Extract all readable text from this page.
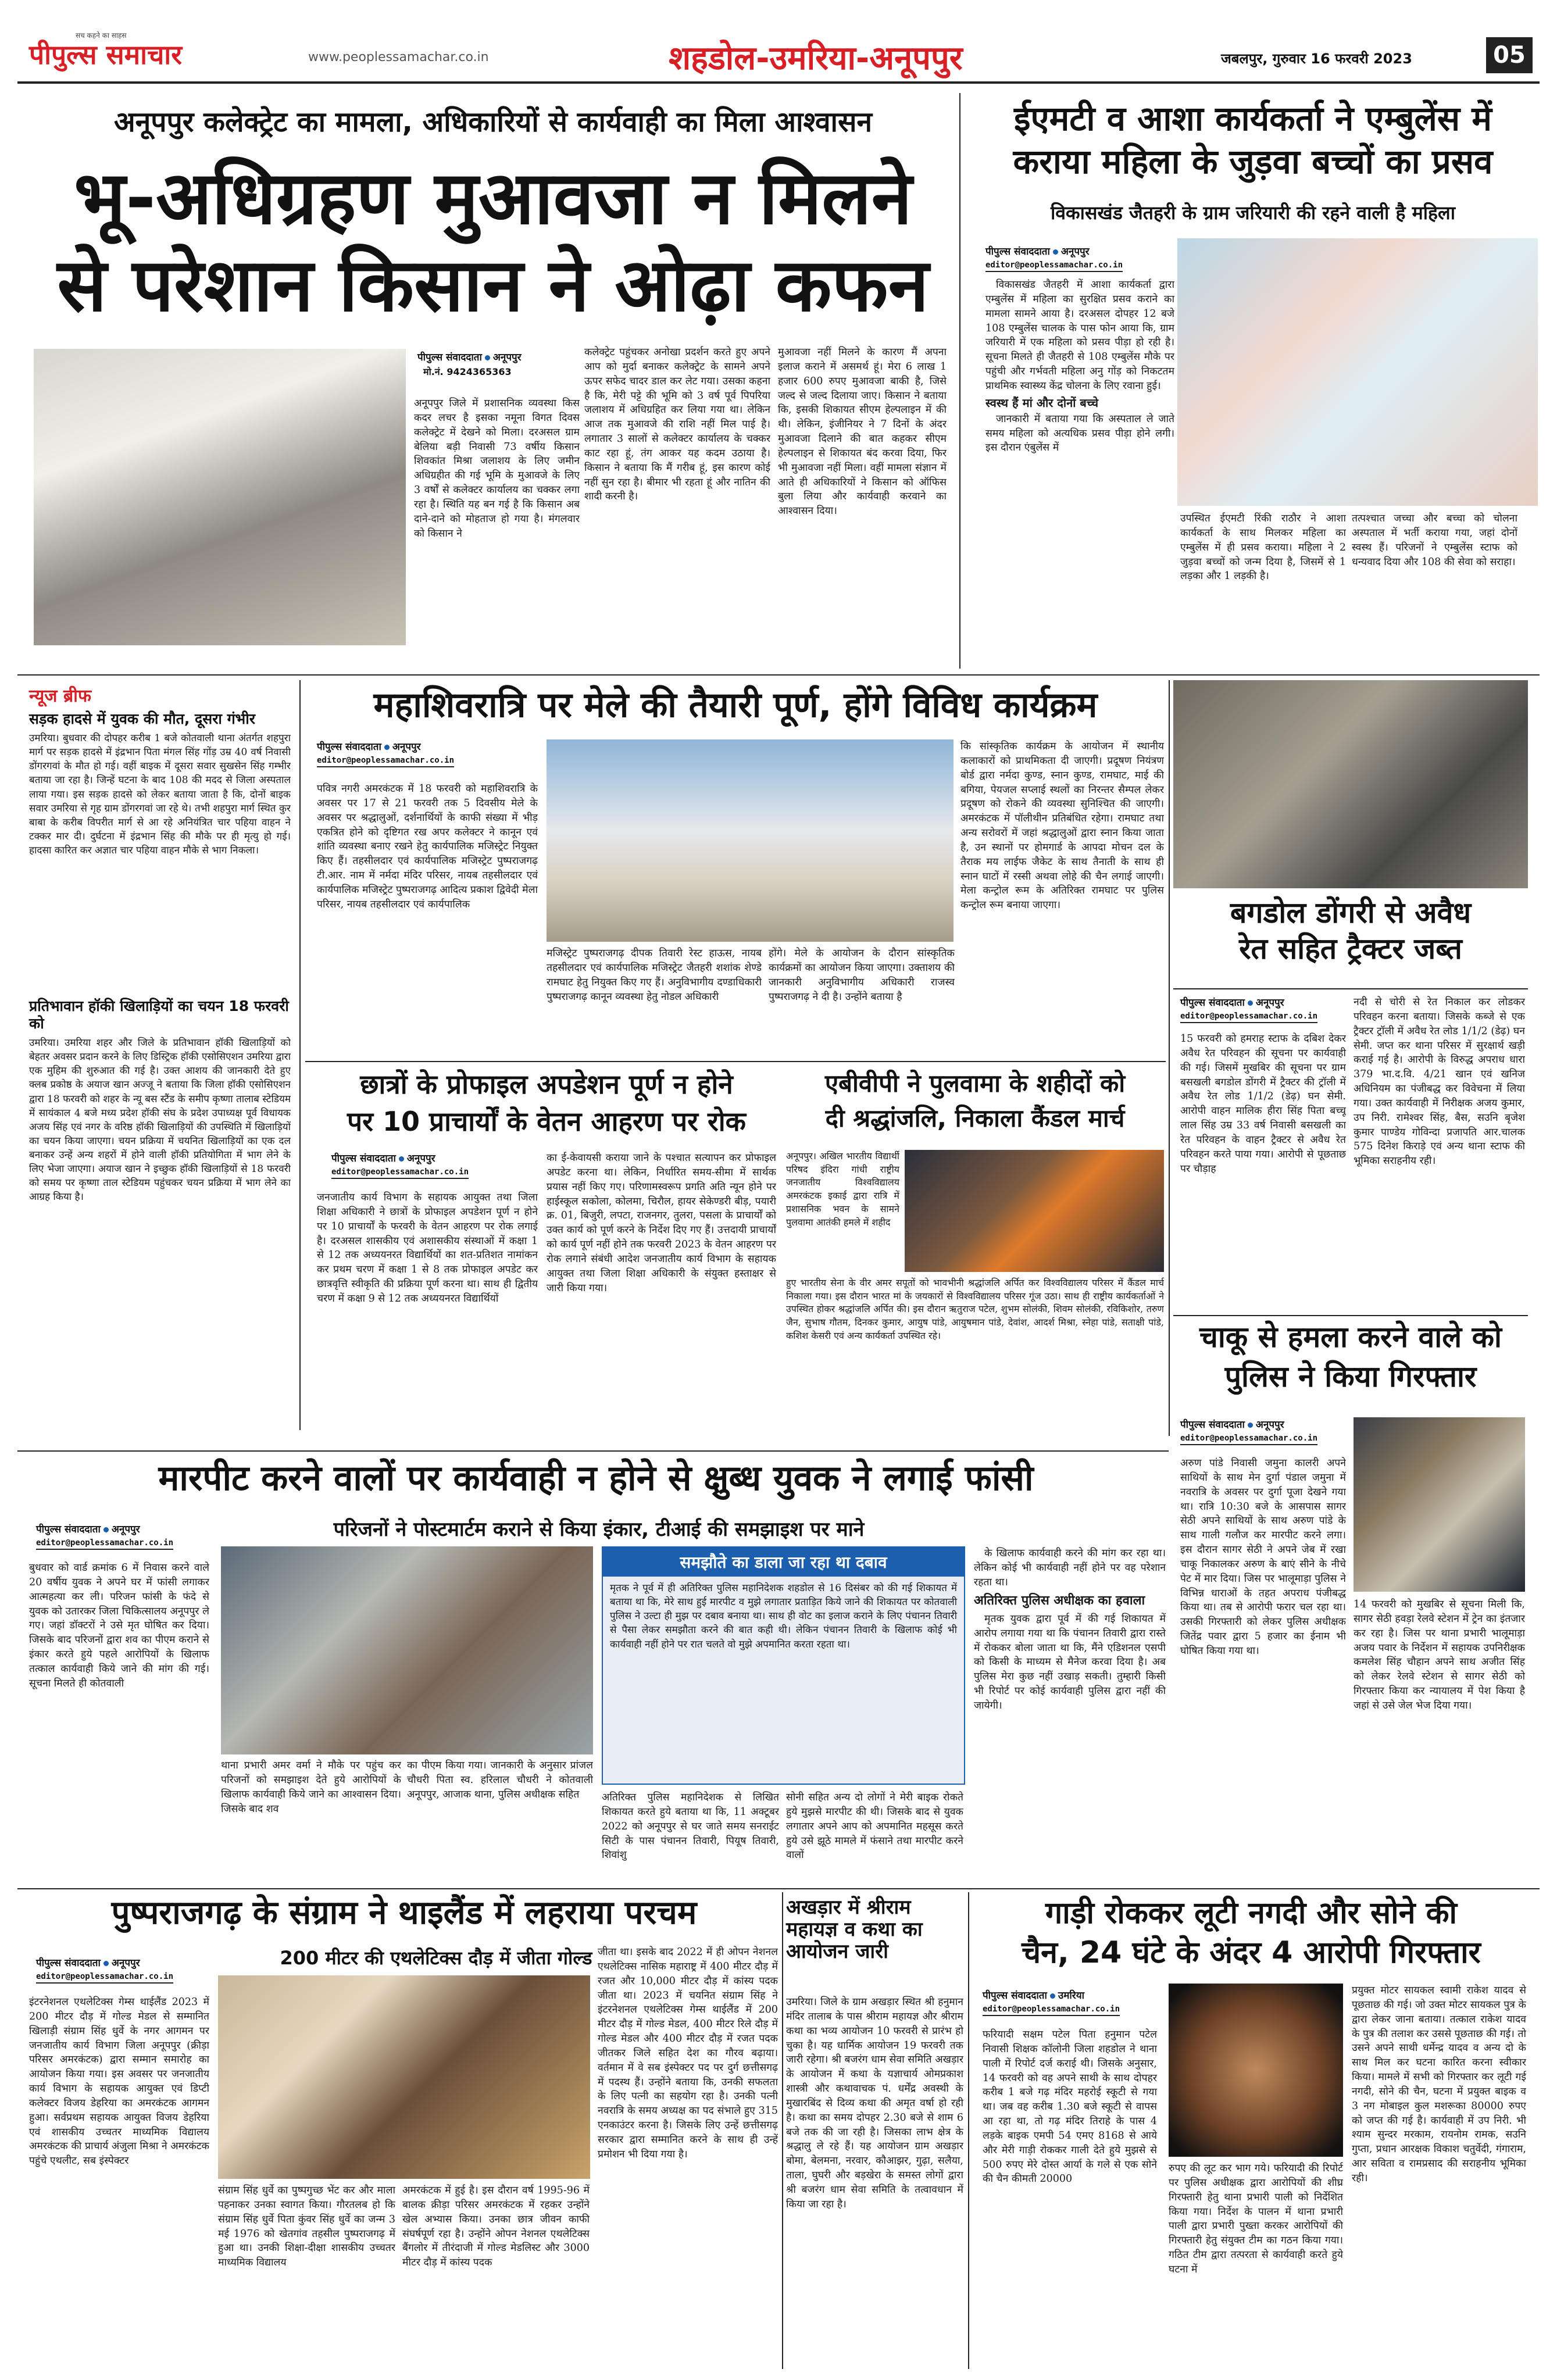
पीपुल्स समाचार
सच कहने का साहस
www.peoplessamachar.co.in	शहडोल-उमरिया-अनूपपुर	जबलपुर, गुरुवार 16 फरवरी 2023	05
अनूपपुर कलेक्ट्रेट का मामला, अधिकारियों से कार्यवाही का मिला आश्वासन
भू-अधिग्रहण मुआवजा न मिलने
से परेशान किसान ने ओढ़ा कफन
पीपुल्स संवाददाता अनूपपुर
मो.नं. 9424365363
अनूपपुर जिले में प्रशासनिक व्यवस्था किस कदर लचर है इसका नमूना विगत दिवस कलेक्ट्रेट में देखने को मिला। दरअसल ग्राम बेलिया बड़ी निवासी 73 वर्षीय किसान शिवकांत मिश्रा जलाशय के लिए जमीन अधिग्रहीत की गई भूमि के मुआवजे के लिए 3 वर्षों से कलेक्टर कार्यालय का चक्कर लगा रहा है। स्थिति यह बन गई है कि किसान अब दाने-दाने को मोहताज हो गया है। मंगलवार को किसान ने
कलेक्ट्रेट पहुंचकर अनोखा प्रदर्शन करते हुए अपने आप को मुर्दा बनाकर कलेक्ट्रेट के सामने अपने ऊपर सफेद चादर डाल कर लेट गया। उसका कहना है कि, मेरी पट्टे की भूमि को 3 वर्ष पूर्व पिपरिया जलाशय में अधिग्रहित कर लिया गया था। लेकिन आज तक मुआवजे की राशि नहीं मिल पाई है। लगातार 3 सालों से कलेक्टर कार्यालय के चक्कर काट रहा हूं, तंग आकर यह कदम उठाया है। किसान ने बताया कि मैं गरीब हूं, इस कारण कोई नहीं सुन रहा है। बीमार भी रहता हूं और नातिन की शादी करनी है।
मुआवजा नहीं मिलने के कारण मैं अपना इलाज कराने में असमर्थ हूं। मेरा 6 लाख 1 हजार 600 रुपए मुआवजा बाकी है, जिसे जल्द से जल्द दिलाया जाए। किसान ने बताया कि, इसकी शिकायत सीएम हेल्पलाइन में की थी। लेकिन, इंजीनियर ने 7 दिनों के अंदर मुआवजा दिलाने की बात कहकर सीएम हेल्पलाइन से शिकायत बंद करवा दिया, फिर भी मुआवजा नहीं मिला। वहीं मामला संज्ञान में आते ही अधिकारियों ने किसान को ऑफिस बुला लिया और कार्यवाही करवाने का आश्वासन दिया।
ईएमटी व आशा कार्यकर्ता ने एम्बुलेंस में
कराया महिला के जुड़वा बच्चों का प्रसव
विकासखंड जैतहरी के ग्राम जरियारी की रहने वाली है महिला
पीपुल्स संवाददाता अनूपपुर
editor@peoplessamachar.co.in

विकासखंड जैतहरी में आशा कार्यकर्ता द्वारा एम्बुलेंस में महिला का सुरक्षित प्रसव कराने का मामला सामने आया है। दरअसल दोपहर 12 बजे 108 एम्बुलेंस चालक के पास फोन आया कि, ग्राम जरियारी में एक महिला को प्रसव पीड़ा हो रही है। सूचना मिलते ही जैतहरी से 108 एम्बुलेंस मौके पर पहुंची और गर्भवती महिला अनु गोंड़ को निकटतम प्राथमिक स्वास्थ्य केंद्र चोलना के लिए रवाना हुई।

स्वस्थ हैं मां और दोनों बच्चे

जानकारी में बताया गया कि अस्पताल ले जाते समय महिला को अत्यधिक प्रसव पीड़ा होने लगी। इस दौरान एंबुलेंस में

उपस्थित ईएमटी रिंकी राठौर ने आशा कार्यकर्ता के साथ मिलकर महिला का एम्बुलेंस में ही प्रसव कराया। महिला ने 2 जुड़वा बच्चों को जन्म दिया है, जिसमें से 1 लड़का और 1 लड़की है।
तत्पश्चात जच्चा और बच्चा को चोलना अस्पताल में भर्ती कराया गया, जहां दोनों स्वस्थ हैं। परिजनों ने एम्बुलेंस स्टाफ को धन्यवाद दिया और 108 की सेवा को सराहा।
न्यूज ब्रीफ
सड़क हादसे में युवक की मौत, दूसरा गंभीर
उमरिया। बुधवार की दोपहर करीब 1 बजे कोतवाली थाना अंतर्गत शहपुरा मार्ग पर सड़क हादसे में इंद्रभान पिता मंगल सिंह गोंड़ उम्र 40 वर्ष निवासी डोंगरगवां के मौत हो गई। वहीं बाइक में दूसरा सवार सुखसेन सिंह गम्भीर बताया जा रहा है। जिन्हें घटना के बाद 108 की मदद से जिला अस्पताल लाया गया। इस सड़क हादसे को लेकर बताया जाता है कि, दोनों बाइक सवार उमरिया से गृह ग्राम डोंगरगवां जा रहे थे। तभी शहपुरा मार्ग स्थित कुर बाबा के करीब विपरीत मार्ग से आ रहे अनियंत्रित चार पहिया वाहन ने टक्कर मार दी। दुर्घटना में इंद्रभान सिंह की मौके पर ही मृत्यु हो गई। हादसा कारित कर अज्ञात चार पहिया वाहन मौके से भाग निकला।
प्रतिभावान हॉकी खिलाड़ियों का चयन 18 फरवरी को
उमरिया। उमरिया शहर और जिले के प्रतिभावान हॉकी खिलाड़ियों को बेहतर अवसर प्रदान करने के लिए डिस्ट्रिक हॉकी एसोसिएशन उमरिया द्वारा एक मुहिम की शुरुआत की गई है। उक्त आशय की जानकारी देते हुए क्लब प्रकोष्ठ के अयाज खान अज्जू ने बताया कि जिला हॉकी एसोसिएशन द्वारा 18 फरवरी को शहर के न्यू बस स्टैंड के समीप कृष्णा तालाब स्टेडियम में सायंकाल 4 बजे मध्य प्रदेश हॉकी संघ के प्रदेश उपाध्यक्ष पूर्व विधायक अजय सिंह एवं नगर के वरिष्ठ हॉकी खिलाड़ियों की उपस्थिति में खिलाड़ियों का चयन किया जाएगा। चयन प्रक्रिया में चयनित खिलाड़ियों का एक दल बनाकर उन्हें अन्य शहरों में होने वाली हॉकी प्रतियोगिता में भाग लेने के लिए भेजा जाएगा। अयाज खान ने इच्छुक हॉकी खिलाड़ियों से 18 फरवरी को समय पर कृष्णा ताल स्टेडियम पहुंचकर चयन प्रक्रिया में भाग लेने का आग्रह किया है।
महाशिवरात्रि पर मेले की तैयारी पूर्ण, होंगे विविध कार्यक्रम
पीपुल्स संवाददाता अनूपपुर
editor@peoplessamachar.co.in
पवित्र नगरी अमरकंटक में 18 फरवरी को महाशिवरात्रि के अवसर पर 17 से 21 फरवरी तक 5 दिवसीय मेले के अवसर पर श्रद्धालुओं, दर्शनार्थियों के काफी संख्या में भीड़ एकत्रित होने को दृष्टिगत रख अपर कलेक्टर ने कानून एवं शांति व्यवस्था बनाए रखने हेतु कार्यपालिक मजिस्ट्रेट नियुक्त किए हैं। तहसीलदार एवं कार्यपालिक मजिस्ट्रेट पुष्पराजगढ़ टी.आर. नाम में नर्मदा मंदिर परिसर, नायब तहसीलदार एवं कार्यपालिक मजिस्ट्रेट पुष्पराजगढ़ आदित्य प्रकाश द्विवेदी मेला परिसर, नायब तहसीलदार एवं कार्यपालिक
मजिस्ट्रेट पुष्पराजगढ़ दीपक तिवारी रेस्ट हाऊस, नायब तहसीलदार एवं कार्यपालिक मजिस्ट्रेट जैतहरी शशांक शेण्डे रामघाट हेतु नियुक्त किए गए हैं। अनुविभागीय दण्डाधिकारी पुष्पराजगढ़ कानून व्यवस्था हेतु नोडल अधिकारी
होंगे। मेले के आयोजन के दौरान सांस्कृतिक कार्यक्रमों का आयोजन किया जाएगा। उक्ताशय की जानकारी अनुविभागीय अधिकारी राजस्व पुष्पराजगढ़ ने दी है। उन्होंने बताया है
कि सांस्कृतिक कार्यक्रम के आयोजन में स्थानीय कलाकारों को प्राथमिकता दी जाएगी। प्रदूषण नियंत्रण बोर्ड द्वारा नर्मदा कुण्ड, स्नान कुण्ड, रामघाट, माई की बगिया, पेयजल सप्लाई स्थलों का निरन्तर सैम्पल लेकर प्रदूषण को रोकने की व्यवस्था सुनिश्चित की जाएगी। अमरकंटक में पॉलीथीन प्रतिबंधित रहेगा। रामघाट तथा अन्य सरोवरों में जहां श्रद्धालुओं द्वारा स्नान किया जाता है, उन स्थानों पर होमगार्ड के आपदा मोचन दल के तैराक मय लाईफ जैकेट के साथ तैनाती के साथ ही स्नान घाटों में रस्सी अथवा लोहे की चैन लगाई जाएगी। मेला कन्ट्रोल रूम के अतिरिक्त रामघाट पर पुलिस कन्ट्रोल रूम बनाया जाएगा।	बगडोल डोंगरी से अवैध
रेत सहित ट्रैक्टर जब्त
पीपुल्स संवाददाता अनूपपुर
editor@peoplessamachar.co.in
15 फरवरी को हमराह स्टाफ के दबिश देकर अवैध रेत परिवहन की सूचना पर कार्यवाही की गई। जिसमें मुखबिर की सूचना पर ग्राम बसखली बगडोल डोंगरी में ट्रैक्टर की ट्रॉली में अवैध रेत लोड 1/1/2 (डेढ़) घन सेमी. आरोपी वाहन मालिक हीरा सिंह पिता बच्चू लाल सिंह उम्र 33 वर्ष निवासी बसखली का रेत परिवहन के वाहन ट्रैक्टर से अवैध रेत परिवहन करते पाया गया। आरोपी से पूछताछ पर चौड़ाह
नदी से चोरी से रेत निकाल कर लोडकर परिवहन करना बताया। जिसके कब्जे से एक ट्रैक्टर ट्रॉली में अवैध रेत लोड 1/1/2 (डेढ़) घन सेमी. जप्त कर थाना परिसर में सुरक्षार्थ खड़ी कराई गई है। आरोपी के विरुद्ध अपराध धारा 379 भा.द.वि. 4/21 खान एवं खनिज अधिनियम का पंजीबद्ध कर विवेचना में लिया गया। उक्त कार्यवाही में निरीक्षक अजय कुमार, उप निरी. रामेश्वर सिंह, बैस, सउनि बृजेश कुमार पाण्डेय गोविन्दा प्रजापति आर.चालक 575 दिनेश किराड़े एवं अन्य थाना स्टाफ की भूमिका सराहनीय रही।
छात्रों के प्रोफाइल अपडेशन पूर्ण न होने
पर 10 प्राचार्यों के वेतन आहरण पर रोक
पीपुल्स संवाददाता अनूपपुर
editor@peoplessamachar.co.in
जनजातीय कार्य विभाग के सहायक आयुक्त तथा जिला शिक्षा अधिकारी ने छात्रों के प्रोफाइल अपडेशन पूर्ण न होने पर 10 प्राचार्यों के फरवरी के वेतन आहरण पर रोक लगाई है। दरअसल शासकीय एवं अशासकीय संस्थाओं में कक्षा 1 से 12 तक अध्ययनरत विद्यार्थियों का शत-प्रतिशत नामांकन कर प्रथम चरण में कक्षा 1 से 8 तक प्रोफाइल अपडेट कर छात्रवृत्ति स्वीकृति की प्रक्रिया पूर्ण करना था। साथ ही द्वितीय चरण में कक्षा 9 से 12 तक अध्ययनरत विद्यार्थियों
का ई-केवायसी कराया जाने के पश्चात सत्यापन कर प्रोफाइल अपडेट करना था। लेकिन, निर्धारित समय-सीमा में सार्थक प्रयास नहीं किए गए। परिणामस्वरूप प्रगति अति न्यून होने पर हाईस्कूल सकोला, कोलमा, चिरौल, हायर सेकेण्डरी बीड़, पयारी क्र. 01, बिजुरी, लपटा, राजनगर, तुलरा, पसला के प्राचार्यों को उक्त कार्य को पूर्ण करने के निर्देश दिए गए हैं। उत्तदायी प्राचार्यों को कार्य पूर्ण नहीं होने तक फरवरी 2023 के वेतन आहरण पर रोक लगाने संबंधी आदेश जनजातीय कार्य विभाग के सहायक आयुक्त तथा जिला शिक्षा अधिकारी के संयुक्त हस्ताक्षर से जारी किया गया।
एबीवीपी ने पुलवामा के शहीदों को
दी श्रद्धांजलि, निकाला कैंडल मार्च
अनूपपुर। अखिल भारतीय विद्यार्थी परिषद इंदिरा गांधी राष्ट्रीय जनजातीय विश्वविद्यालय अमरकंटक इकाई द्वारा रात्रि में प्रशासनिक भवन के सामने पुलवामा आतंकी हमले में शहीद
हुए भारतीय सेना के वीर अमर सपूतों को भावभीनी श्रद्धांजलि अर्पित कर विश्वविद्यालय परिसर में कैंडल मार्च निकाला गया। इस दौरान भारत मां के जयकारों से विश्वविद्यालय परिसर गूंज उठा। साथ ही राष्ट्रीय कार्यकर्ताओं ने उपस्थित होकर श्रद्धांजलि अर्पित की। इस दौरान ऋतुराज पटेल, शुभम सोलंकी, शिवम सोलंकी, रविकिशोर, तरुण जैन, सुभाष गौतम, दिनकर कुमार, आयुष पांडे, आयुषमान पांडे, देवांश, आदर्श मिश्रा, स्नेहा पांडे, सताक्षी पांडे, कशिश केसरी एवं अन्य कार्यकर्ता उपस्थित रहे।	चाकू से हमला करने वाले को
पुलिस ने किया गिरफ्तार
पीपुल्स संवाददाता अनूपपुर
editor@peoplessamachar.co.in
अरुण पांडे निवासी जमुना कालरी अपने साथियों के साथ मेन दुर्गा पंडाल जमुना में नवरात्रि के अवसर पर दुर्गा पूजा देखने गया था। रात्रि 10:30 बजे के आसपास सागर सेठी अपने साथियों के साथ अरुण पांडे के साथ गाली गलौज कर मारपीट करने लगा। इस दौरान सागर सेठी ने अपने जेब में रखा चाकू निकालकर अरुण के बाएं सीने के नीचे पेट में मार दिया। जिस पर भालूमाड़ा पुलिस ने विभिन्न धाराओं के तहत अपराध पंजीबद्ध किया था। तब से आरोपी फरार चल रहा था। उसकी गिरफ्तारी को लेकर पुलिस अधीक्षक जितेंद्र पवार द्वारा 5 हजार का ईनाम भी घोषित किया गया था।
14 फरवरी को मुखबिर से सूचना मिली कि, सागर सेठी हवड़ा रेलवे स्टेशन में ट्रेन का इंतजार कर रहा है। जिस पर थाना प्रभारी भालूमाड़ा अजय पवार के निर्देशन में सहायक उपनिरीक्षक कमलेश सिंह चौहान अपने साथ अजीत सिंह को लेकर रेलवे स्टेशन से सागर सेठी को गिरफ्तार किया कर न्यायालय में पेश किया है जहां से उसे जेल भेज दिया गया।
मारपीट करने वालों पर कार्यवाही न होने से क्षुब्ध युवक ने लगाई फांसी
परिजनों ने पोस्टमार्टम कराने से किया इंकार, टीआई की समझाइश पर माने
पीपुल्स संवाददाता अनूपपुर
editor@peoplessamachar.co.in
बुधवार को वार्ड क्रमांक 6 में निवास करने वाले 20 वर्षीय युवक ने अपने घर में फांसी लगाकर आत्महत्या कर ली। परिजन फांसी के फंदे से युवक को उतारकर जिला चिकित्सालय अनूपपुर ले गए। जहां डॉक्टरों ने उसे मृत घोषित कर दिया। जिसके बाद परिजनों द्वारा शव का पीएम कराने से इंकार करते हुये पहले आरोपियों के खिलाफ तत्काल कार्यवाही किये जाने की मांग की गई। सूचना मिलते ही कोतवाली
थाना प्रभारी अमर वर्मा ने मौके पर पहुंच कर परिजनों को समझाइश देते हुये आरोपियों के खिलाफ कार्यवाही किये जाने का आश्वासन दिया। जिसके बाद शव
का पीएम किया गया। जानकारी के अनुसार प्रांजल चौधरी पिता स्व. हरिलाल चौधरी ने कोतवाली अनूपपुर, आजाक थाना, पुलिस अधीक्षक सहित
समझौते का डाला जा रहा था दबाव
मृतक ने पूर्व में ही अतिरिक्त पुलिस महानिदेशक शहडोल से 16 दिसंबर को की गई शिकायत में बताया था कि, मेरे साथ हुई मारपीट व मुझे लगातार प्रताड़ित किये जाने की शिकायत पर कोतवाली पुलिस ने उल्टा ही मुझ पर दबाव बनाया था। साथ ही वोट का इलाज कराने के लिए पंचानन तिवारी से पैसा लेकर समझौता करने की बात कही थी। लेकिन पंचानन तिवारी के खिलाफ कोई भी कार्यवाही नहीं होने पर रात चलते वो मुझे अपमानित करता रहता था।
अतिरिक्त पुलिस महानिदेशक से लिखित शिकायत करते हुये बताया था कि, 11 अक्टूबर 2022 को अनूपपुर से घर जाते समय सनराईट सिटी के पास पंचानन तिवारी, पियूष तिवारी, शिवांशु
सोनी सहित अन्य दो लोगों ने मेरी बाइक रोकते हुये मुझसे मारपीट की थी। जिसके बाद से युवक लगातार अपने आप को अपमानित महसूस करते हुये उसे झूठे मामले में फंसाने तथा मारपीट करने वालों

के खिलाफ कार्यवाही करने की मांग कर रहा था। लेकिन कोई भी कार्यवाही नहीं होने पर वह परेशान रहता था।

अतिरिक्त पुलिस अधीक्षक का हवाला

मृतक युवक द्वारा पूर्व में की गई शिकायत में आरोप लगाया गया था कि पंचानन तिवारी द्वारा रास्ते में रोककर बोला जाता था कि, मैंने एडिशनल एसपी को किसी के माध्यम से मैनेज करवा दिया है। अब पुलिस मेरा कुछ नहीं उखाड़ सकती। तुम्हारी किसी भी रिपोर्ट पर कोई कार्यवाही पुलिस द्वारा नहीं की जायेगी।

पुष्पराजगढ़ के संग्राम ने थाइलैंड में लहराया परचम
200 मीटर की एथलेटिक्स दौड़ में जीता गोल्ड
पीपुल्स संवाददाता अनूपपुर
editor@peoplessamachar.co.in
इंटरनेशनल एथलेटिक्स गेम्स थाईलैंड 2023 में 200 मीटर दौड़ में गोल्ड मेडल से सम्मानित खिलाड़ी संग्राम सिंह धुर्वे के नगर आगमन पर जनजातीय कार्य विभाग जिला अनूपपुर (क्रीड़ा परिसर अमरकंटक) द्वारा सम्मान समारोह का आयोजन किया गया। इस अवसर पर जनजातीय कार्य विभाग के सहायक आयुक्त एवं डिप्टी कलेक्टर विजय डेहरिया का अमरकंटक आगमन हुआ। सर्वप्रथम सहायक आयुक्त विजय डेहरिया एवं शासकीय उच्चतर माध्यमिक विद्यालय अमरकंटक की प्राचार्य अंजुला मिश्रा ने अमरकंटक पहुंचे एथलीट, सब इंस्पेक्टर
संग्राम सिंह धुर्वे का पुष्पगुच्छ भेंट कर और माला पहनाकर उनका स्वागत किया। गौरतलब हो कि संग्राम सिंह धुर्वे पिता कुंवर सिंह धुर्वे का जन्म 3 मई 1976 को खेतगांव तहसील पुष्पराजगढ़ में हुआ था। उनकी शिक्षा-दीक्षा शासकीय उच्चतर माध्यमिक विद्यालय
अमरकंटक में हुई है। इस दौरान वर्ष 1995-96 में बालक क्रीड़ा परिसर अमरकंटक में रहकर उन्होंने खेल अभ्यास किया। उनका छात्र जीवन काफी संघर्षपूर्ण रहा है। उन्होंने ओपन नेशनल एथलेटिक्स बैंगलोर में तीरंदाजी में गोल्ड मेडलिस्ट और 3000 मीटर दौड़ में कांस्य पदक
जीता था। इसके बाद 2022 में ही ओपन नेशनल एथलेटिक्स नासिक महाराष्ट्र में 400 मीटर दौड़ में रजत और 10,000 मीटर दौड़ में कांस्य पदक जीता था। 2023 में चयनित संग्राम सिंह ने इंटरनेशनल एथलेटिक्स गेम्स थाईलैंड में 200 मीटर दौड़ में गोल्ड मेडल, 400 मीटर रिले दौड़ में गोल्ड मेडल और 400 मीटर दौड़ में रजत पदक जीतकर जिले सहित देश का गौरव बढ़ाया। वर्तमान में वे सब इंस्पेक्टर पद पर दुर्ग छत्तीसगढ़ में पदस्थ हैं। उन्होंने बताया कि, उनकी सफलता के लिए पत्नी का सहयोग रहा है। उनकी पत्नी नवरात्रि के समय अध्यक्ष का पद संभाले हुए 315 एनकाउंटर करना है। जिसके लिए उन्हें छत्तीसगढ़ सरकार द्वारा सम्मानित करने के साथ ही उन्हें प्रमोशन भी दिया गया है।
अखड़ार में श्रीराम महायज्ञ व कथा का आयोजन जारी
उमरिया। जिले के ग्राम अखड़ार स्थित श्री हनुमान मंदिर तालाब के पास श्रीराम महायज्ञ और श्रीराम कथा का भव्य आयोजन 10 फरवरी से प्रारंभ हो चुका है। यह धार्मिक आयोजन 19 फरवरी तक जारी रहेगा। श्री बजरंग धाम सेवा समिति अखड़ार के आयोजन में कथा के यज्ञाचार्य ओमप्रकाश शास्त्री और कथावाचक पं. धर्मेंद्र अवस्थी के मुखारबिंद से दिव्य कथा की अमृत वर्षा हो रही है। कथा का समय दोपहर 2.30 बजे से शाम 6 बजे तक की जा रही है। जिसका लाभ क्षेत्र के श्रद्धालु ले रहे हैं। यह आयोजन ग्राम अखड़ार बोमा, बेलमना, नरवार, कौआझर, गुढ़ा, सलैया, ताला, घुघरी और बड़खेरा के समस्त लोगों द्वारा श्री बजरंग धाम सेवा समिति के तत्वावधान में किया जा रहा है।
गाड़ी रोककर लूटी नगदी और सोने की
चैन, 24 घंटे के अंदर 4 आरोपी गिरफ्तार
पीपुल्स संवाददाता उमरिया
editor@peoplessamachar.co.in
फरियादी सक्षम पटेल पिता हनुमान पटेल निवासी शिक्षक कॉलोनी जिला शहडोल ने थाना पाली में रिपोर्ट दर्ज कराई थी। जिसके अनुसार, 14 फरवरी को वह अपने साथी के साथ दोपहर करीब 1 बजे गढ़ मंदिर महरोई स्कूटी से गया था। जब वह करीब 1.30 बजे स्कूटी से वापस आ रहा था, तो गढ़ मंदिर तिराहे के पास 4 लड़के बाइक एमपी 54 एमए 8168 से आये और मेरी गाड़ी रोककर गाली देते हुये मुझसे से 500 रुपए मेरे दोस्त आर्या के गले से एक सोने की चैन कीमती 20000
रुपए की लूट कर भाग गये। फरियादी की रिपोर्ट पर पुलिस अधीक्षक द्वारा आरोपियों की शीघ्र गिरफ्तारी हेतु थाना प्रभारी पाली को निर्देशित किया गया। निर्देश के पालन में थाना प्रभारी पाली द्वारा प्रभारी पुख्ता करकर आरोपियों की गिरफ्तारी हेतु संयुक्त टीम का गठन किया गया। गठित टीम द्वारा तत्परता से कार्यवाही करते हुये घटना में
प्रयुक्त मोटर सायकल स्वामी राकेश यादव से पूछताछ की गई। जो उक्त मोटर सायकल पुत्र के द्वारा लेकर जाना बताया। तत्काल राकेश यादव के पुत्र की तलाश कर उससे पूछताछ की गई। तो उसने अपने साथी धर्मेन्द्र यादव व अन्य दो के साथ मिल कर घटना कारित करना स्वीकार किया। मामले में सभी को गिरफ्तार कर लूटी गई नगदी, सोने की चैन, घटना में प्रयुक्त बाइक व 3 नग मोबाइल कुल मशरूका 80000 रुपए को जप्त की गई है। कार्यवाही में उप निरी. भी श्याम सुन्दर मरकाम, रायनोम रामक, सउनि गुप्ता, प्रधान आरक्षक विकाश चतुर्वेदी, गंगाराम, आर सविता व रामप्रसाद की सराहनीय भूमिका रही।
